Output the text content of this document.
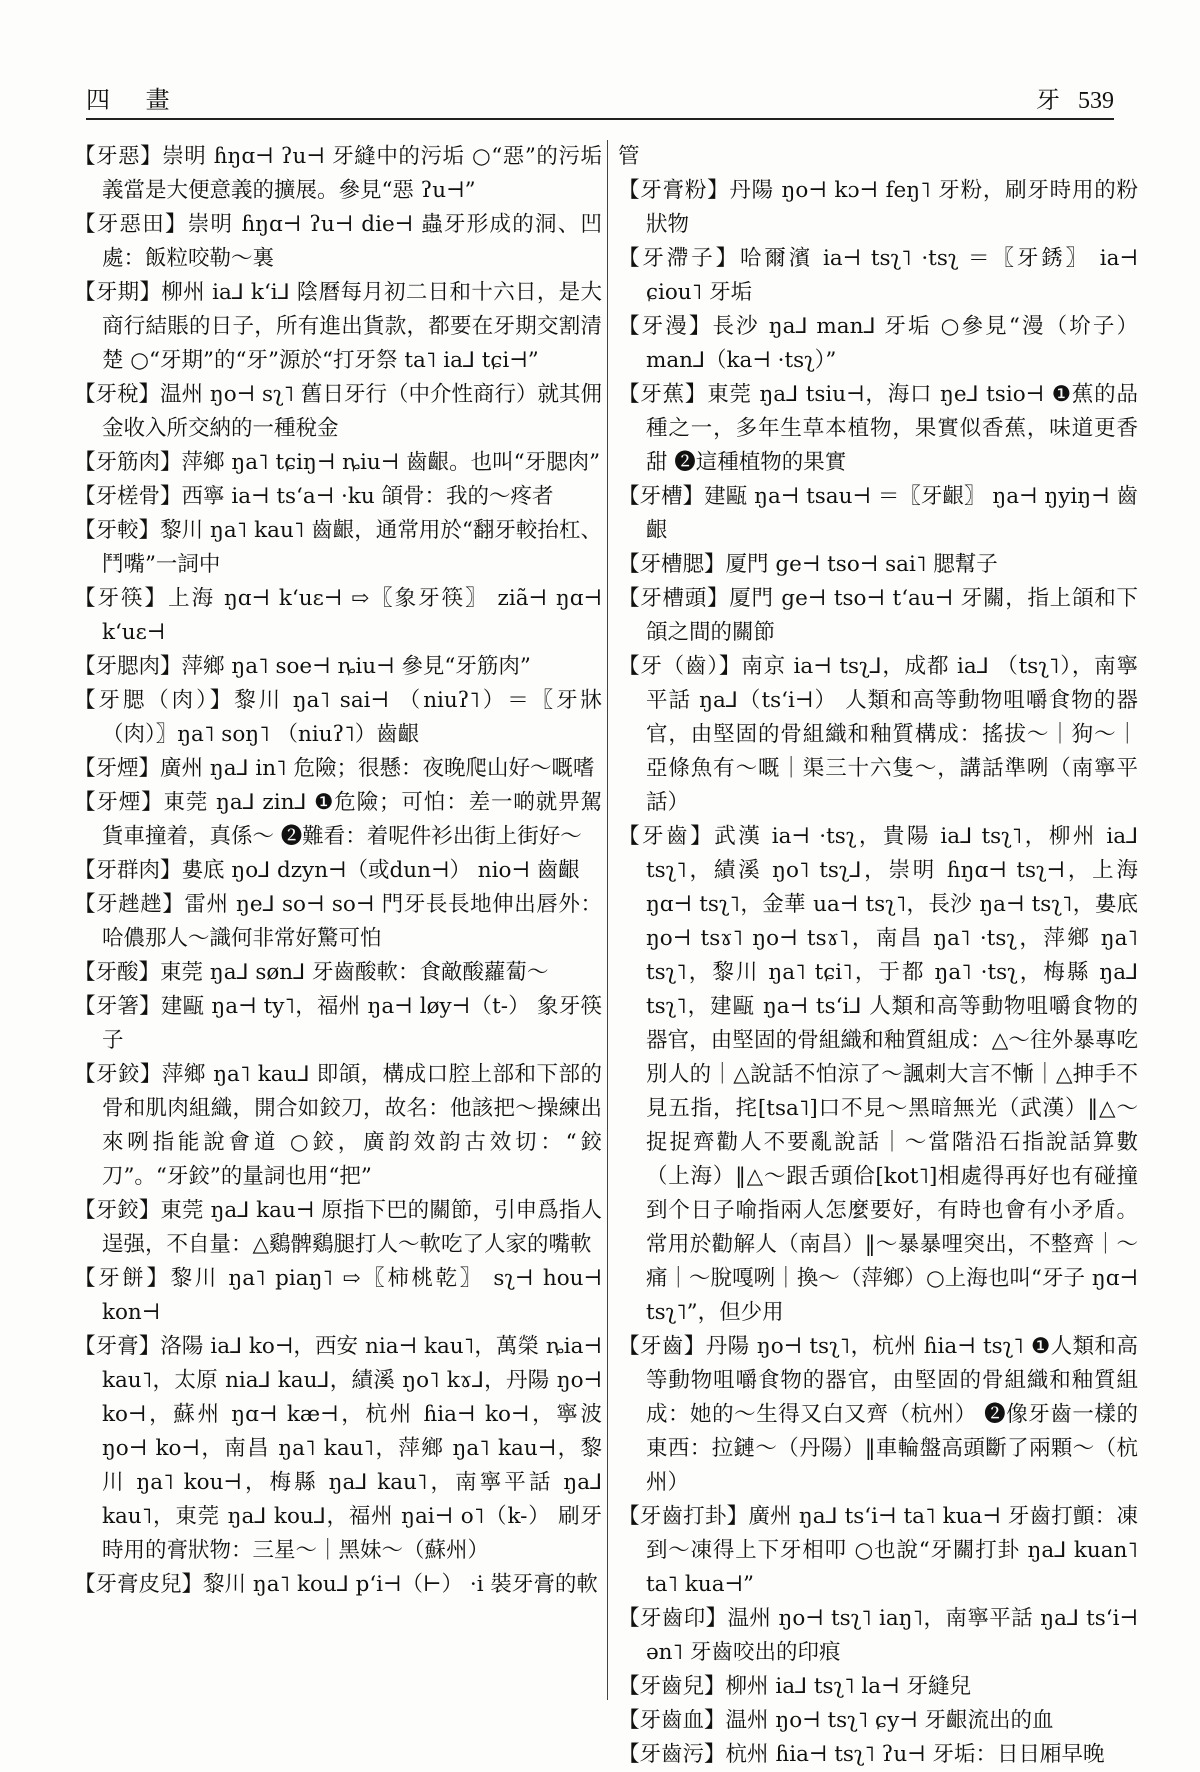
四 畫	牙 539

【牙惡】崇明 ɦŋɑ⊣ ʔu⊣ 牙縫中的污垢 ○“惡”的污垢義當是大便意義的擴展。參見“惡 ʔu⊣”

【牙惡田】崇明 ɦŋɑ⊣ ʔu⊣ die⊣ 蟲牙形成的洞、凹處：飯粒咬勒～裏

【牙期】柳州 ia⅃ kʻi⅃ 陰曆每月初二日和十六日，是大商行結賬的日子，所有進出貨款，都要在牙期交割清楚 ○“牙期”的“牙”源於“打牙祭 ta˥ ia⅃ tɕi⊣”

【牙稅】温州 ŋo⊣ sʅ˥ 舊日牙行（中介性商行）就其佣金收入所交納的一種稅金

【牙筋肉】萍鄉 ŋa˥ tɕiŋ⊣ ȵiu⊣ 齒齦。也叫“牙腮肉”

【牙槎骨】西寧 ia⊣ tsʻa⊣ ·ku 頜骨：我的～疼者

【牙較】黎川 ŋa˥ kau˥ 齒齦，通常用於“翻牙較抬杠、鬥嘴”一詞中

【牙筷】上海 ŋɑ⊣ kʻuɛ⊣ ⇨〖象牙筷〗 ziã⊣ ŋɑ⊣ kʻuɛ⊣

【牙腮肉】萍鄉 ŋa˥ soe⊣ ȵiu⊣ 參見“牙筋肉”

【牙腮（肉）】黎川 ŋa˥ sai⊣ （niuʔ˥）＝〖牙牀（肉）〗ŋa˥ soŋ˥ （niuʔ˥）齒齦

【牙煙】廣州 ŋa⅃ in˥ 危險；很懸：夜晚爬山好～嘅嗜

【牙煙】東莞 ŋa⅃ zin⅃ ❶危險；可怕：差一啲就畀駕貨車撞着，真係～ ❷難看：着呢件衫出街上街好～

【牙群肉】婁底 ŋo⅃ dzyn⊣（或dun⊣） nio⊣ 齒齦

【牙趖趖】雷州 ŋe⅃ so⊣ so⊣ 門牙長長地伸出唇外：哈儂那人～識何非常好驚可怕

【牙酸】東莞 ŋa⅃ søn⅃ 牙齒酸軟：食敵酸蘿蔔～

【牙箸】建甌 ŋa⊣ ty˥，福州 ŋa⊣ løy⊣（t-） 象牙筷子

【牙鉸】萍鄉 ŋa˥ kau⅃ 即頜，構成口腔上部和下部的骨和肌肉組織，開合如鉸刀，故名：他該把～操練出來咧指能說會道 ○鉸，廣韵效韵古效切：“鉸刀”。“牙鉸”的量詞也用“把”

【牙鉸】東莞 ŋa⅃ kau⊣ 原指下巴的關節，引申爲指人逞强，不自量：△鷄髀鷄腿打人～軟吃了人家的嘴軟

【牙餅】黎川 ŋa˥ piaŋ˥ ⇨〖柿桃乾〗 sʅ⊣ hou⊣ kon⊣

【牙膏】洛陽 ia⅃ ko⊣，西安 nia⊣ kau˥，萬榮 ȵia⊣ kau˥，太原 nia⅃ kau⅃，績溪 ŋo˥ kɤ⅃，丹陽 ŋo⊣ ko⊣，蘇州 ŋɑ⊣ kæ⊣，杭州 ɦia⊣ ko⊣，寧波 ŋo⊣ ko⊣，南昌 ŋa˥ kau˥，萍鄉 ŋa˥ kau⊣，黎川 ŋa˥ kou⊣，梅縣 ŋa⅃ kau˥，南寧平話 ŋa⅃ kau˥，東莞 ŋa⅃ kou⅃，福州 ŋai⊣ o˥（k-） 刷牙時用的膏狀物：三星～｜黑妹～（蘇州）

【牙膏皮兒】黎川 ŋa˥ kou⅃ pʻi⊣（⊢） ·i 裝牙膏的軟

管

【牙膏粉】丹陽 ŋo⊣ kɔ⊣ feŋ˥ 牙粉，刷牙時用的粉狀物

【牙滯子】哈爾濱 ia⊣ tsʅ˥ ·tsʅ ＝〖牙銹〗 ia⊣ ɕiou˥ 牙垢

【牙漫】長沙 ŋa⅃ man⅃ 牙垢 ○參見“漫（圿子） man⅃（ka⊣ ·tsʅ）”

【牙蕉】東莞 ŋa⅃ tsiu⊣，海口 ŋe⅃ tsio⊣ ❶蕉的品種之一，多年生草本植物，果實似香蕉，味道更香甜 ❷這種植物的果實

【牙槽】建甌 ŋa⊣ tsau⊣ ＝〖牙齦〗 ŋa⊣ ŋyiŋ⊣ 齒齦

【牙槽腮】厦門 ge⊣ tso⊣ sai˥ 腮幫子

【牙槽頭】厦門 ge⊣ tso⊣ tʻau⊣ 牙關，指上頜和下頜之間的關節

【牙（齒）】南京 ia⊣ tsʅ⅃，成都 ia⅃ （tsʅ˥），南寧平話 ŋa⅃（tsʻi⊣） 人類和高等動物咀嚼食物的器官，由堅固的骨組織和釉質構成：搖拔～｜狗～｜亞條魚有～嘅｜渠三十六隻～，講話準咧（南寧平話）

【牙齒】武漢 ia⊣ ·tsʅ，貴陽 ia⅃ tsʅ˥，柳州 ia⅃ tsʅ˥，績溪 ŋo˥ tsʅ⅃，崇明 ɦŋɑ⊣ tsʅ⊣，上海 ŋɑ⊣ tsʅ˥，金華 ua⊣ tsʅ˥，長沙 ŋa⊣ tsʅ˥，婁底 ŋo⊣ tsɤ˥ ŋo⊣ tsɤ˥，南昌 ŋa˥ ·tsʅ，萍鄉 ŋa˥ tsʅ˥，黎川 ŋa˥ tɕi˥，于都 ŋa˥ ·tsʅ，梅縣 ŋa⅃ tsʅ˥，建甌 ŋa⊣ tsʻi⅃ 人類和高等動物咀嚼食物的器官，由堅固的骨組織和釉質組成：△～往外暴專吃別人的｜△說話不怕涼了～諷刺大言不慚｜△抻手不見五指，挓[tsa˥]口不見～黑暗無光（武漢）‖△～捉捉齊勸人不要亂說話｜～當階沿石指說話算數（上海）‖△～跟舌頭佮[kot˥]相處得再好也有碰撞到个日子喻指兩人怎麼要好，有時也會有小矛盾。常用於勸解人（南昌）‖～暴暴哩突出，不整齊｜～痛｜～脫嘎咧｜換～（萍鄉）○上海也叫“牙子 ŋɑ⊣ tsʅ˥”，但少用

【牙齒】丹陽 ŋo⊣ tsʅ˥，杭州 ɦia⊣ tsʅ˥ ❶人類和高等動物咀嚼食物的器官，由堅固的骨組織和釉質組成：她的～生得又白又齊（杭州） ❷像牙齒一樣的東西：拉鏈～（丹陽）‖車輪盤高頭斷了兩顆～（杭州）

【牙齒打卦】廣州 ŋa⅃ tsʻi⊣ ta˥ kua⊣ 牙齒打顫：凍到～凍得上下牙相叩 ○也說“牙關打卦 ŋa⅃ kuan˥ ta˥ kua⊣”

【牙齒印】温州 ŋo⊣ tsʅ˥ iaŋ˥，南寧平話 ŋa⅃ tsʻi⊣ ən˥ 牙齒咬出的印痕

【牙齒兒】柳州 ia⅃ tsʅ˥ la⊣ 牙縫兒

【牙齒血】温州 ŋo⊣ tsʅ˥ ɕy⊣ 牙齦流出的血

【牙齒污】杭州 ɦia⊣ tsʅ˥ ʔu⊣ 牙垢：日日厢早晚
